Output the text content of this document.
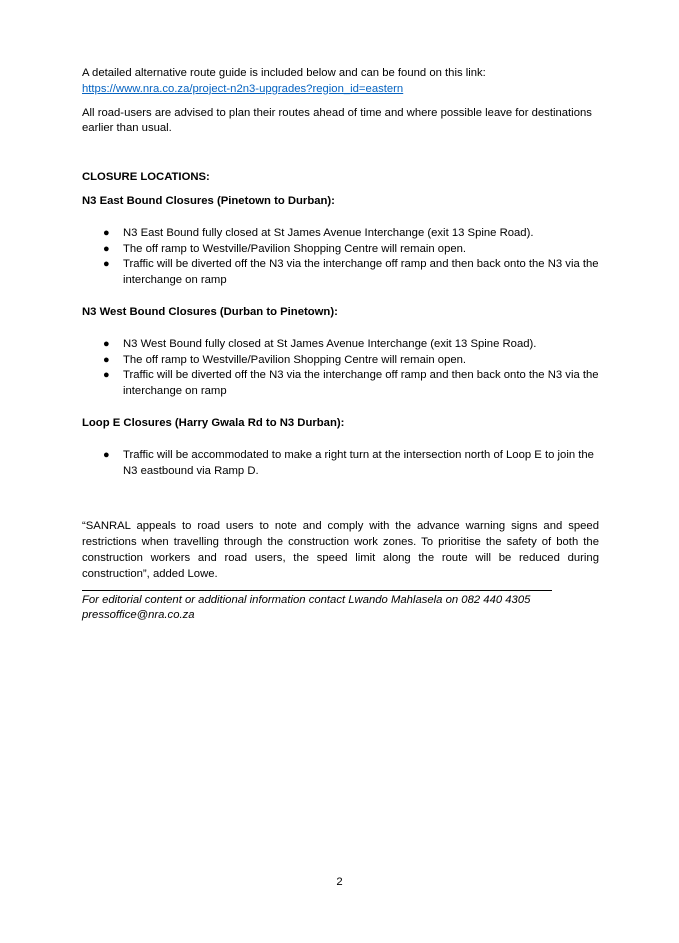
A detailed alternative route guide is included below and can be found on this link:

https://www.nra.co.za/project-n2n3-upgrades?region_id=eastern

All road-users are advised to plan their routes ahead of time and where possible leave for destinations earlier than usual.

CLOSURE LOCATIONS:

N3 East Bound Closures (Pinetown to Durban):

● N3 East Bound fully closed at St James Avenue Interchange (exit 13 Spine Road).
● The off ramp to Westville/Pavilion Shopping Centre will remain open.
● Traffic will be diverted off the N3 via the interchange off ramp and then back onto the N3 via the interchange on ramp

N3 West Bound Closures (Durban to Pinetown):

● N3 West Bound fully closed at St James Avenue Interchange (exit 13 Spine Road).
● The off ramp to Westville/Pavilion Shopping Centre will remain open.
● Traffic will be diverted off the N3 via the interchange off ramp and then back onto the N3 via the interchange on ramp

Loop E Closures (Harry Gwala Rd to N3 Durban):

● Traffic will be accommodated to make a right turn at the intersection north of Loop E to join the N3 eastbound via Ramp D.

“SANRAL appeals to road users to note and comply with the advance warning signs and speed restrictions when travelling through the construction work zones. To prioritise the safety of both the construction workers and road users, the speed limit along the route will be reduced during construction”, added Lowe.

For editorial content or additional information contact Lwando Mahlasela on 082 440 4305

pressoffice@nra.co.za

2
